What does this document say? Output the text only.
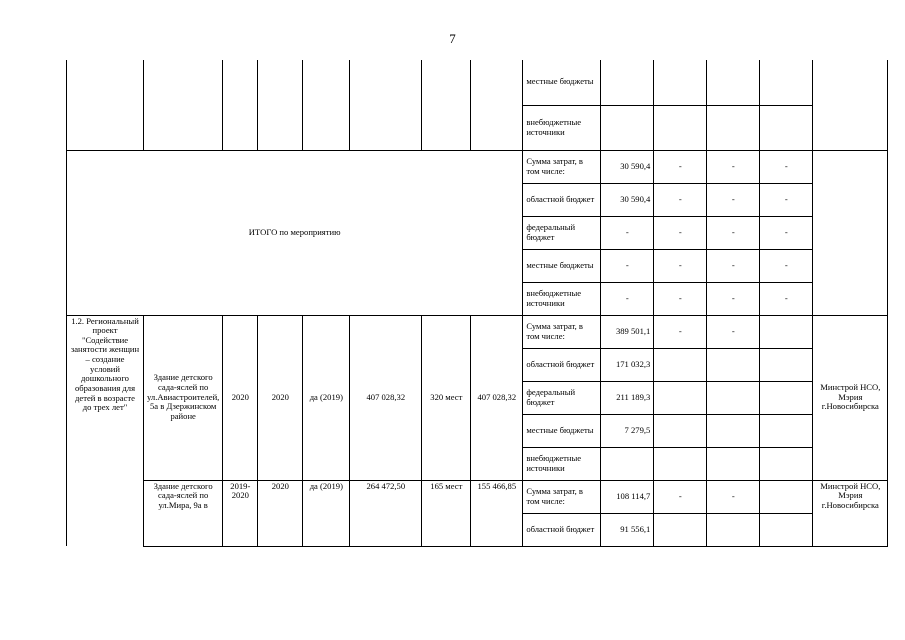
7
								местные бюджеты					
								внебюджетные источники					
ИТОГО по мероприятию								Сумма затрат, в том числе:	30 590,4	-	-	-	
								областной бюджет	30 590,4	-	-	-	
								федеральный бюджет	-	-	-	-	
								местные бюджеты	-	-	-	-	
								внебюджетные источники	-	-	-	-	
1.2. Региональный проект "Содействие занятости женщин – создание условий дошкольного образования для детей в возрасте до трех лет"	Здание детского сада-яслей по ул.Авиастроителей, 5а в Дзержинском районе	2020	2020	да (2019)	407 028,32	320 мест	407 028,32	Сумма затрат, в том числе:	389 501,1	-	-		Минстрой НСО, Мэрия г.Новосибирска
								областной бюджет	171 032,3				
								федеральный бюджет	211 189,3				
								местные бюджеты	7 279,5				
								внебюджетные источники					
	Здание детского сада-яслей по ул.Мира, 9а в	2019-2020	2020	да (2019)	264 472,50	165 мест	155 466,85	Сумма затрат, в том числе:	108 114,7	-	-		Минстрой НСО, Мэрия г.Новосибирска
								областной бюджет	91 556,1				
